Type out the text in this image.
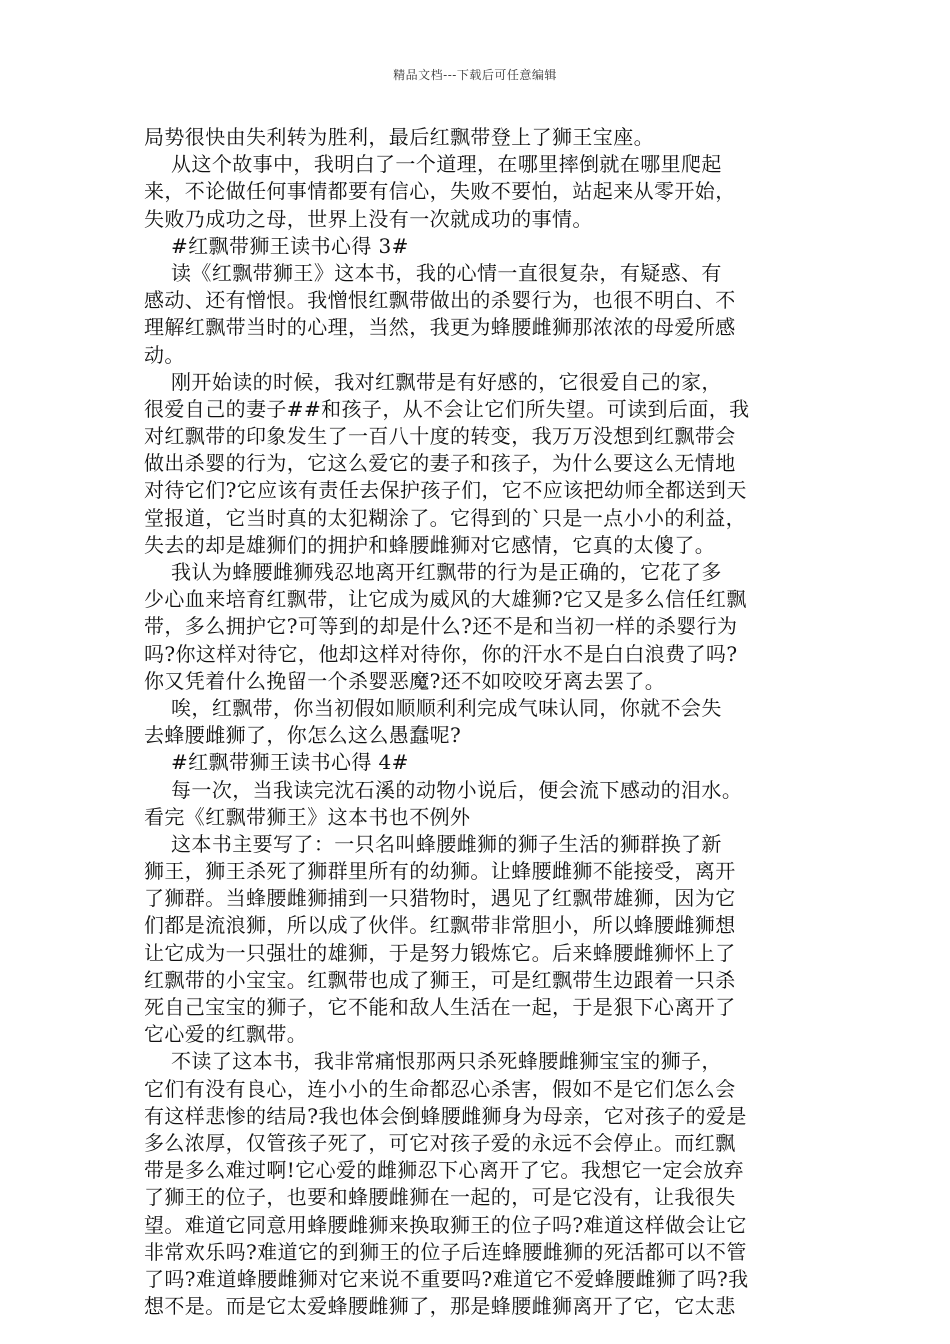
精品文档---下载后可任意编辑
局势很快由失利转为胜利，最后红飘带登上了狮王宝座。
从这个故事中，我明白了一个道理，在哪里摔倒就在哪里爬起
来，不论做任何事情都要有信心，失败不要怕，站起来从零开始，
失败乃成功之母，世界上没有一次就成功的事情。
#红飘带狮王读书心得 3#
读《红飘带狮王》这本书，我的心情一直很复杂，有疑惑、有
感动、还有憎恨。我憎恨红飘带做出的杀婴行为，也很不明白、不
理解红飘带当时的心理，当然，我更为蜂腰雌狮那浓浓的母爱所感
动。
刚开始读的时候，我对红飘带是有好感的，它很爱自己的家，
很爱自己的妻子##和孩子，从不会让它们所失望。可读到后面，我
对红飘带的印象发生了一百八十度的转变，我万万没想到红飘带会
做出杀婴的行为，它这么爱它的妻子和孩子，为什么要这么无情地
对待它们?它应该有责任去保护孩子们，它不应该把幼师全都送到天
堂报道，它当时真的太犯糊涂了。它得到的`只是一点小小的利益，
失去的却是雄狮们的拥护和蜂腰雌狮对它感情，它真的太傻了。
我认为蜂腰雌狮残忍地离开红飘带的行为是正确的，它花了多
少心血来培育红飘带，让它成为威风的大雄狮?它又是多么信任红飘
带，多么拥护它?可等到的却是什么?还不是和当初一样的杀婴行为
吗?你这样对待它，他却这样对待你，你的汗水不是白白浪费了吗?
你又凭着什么挽留一个杀婴恶魔?还不如咬咬牙离去罢了。
唉，红飘带，你当初假如顺顺利利完成气味认同，你就不会失
去蜂腰雌狮了，你怎么这么愚蠢呢?
#红飘带狮王读书心得 4#
每一次，当我读完沈石溪的动物小说后，便会流下感动的泪水。
看完《红飘带狮王》这本书也不例外
这本书主要写了：一只名叫蜂腰雌狮的狮子生活的狮群换了新
狮王，狮王杀死了狮群里所有的幼狮。让蜂腰雌狮不能接受，离开
了狮群。当蜂腰雌狮捕到一只猎物时，遇见了红飘带雄狮，因为它
们都是流浪狮，所以成了伙伴。红飘带非常胆小，所以蜂腰雌狮想
让它成为一只强壮的雄狮，于是努力锻炼它。后来蜂腰雌狮怀上了
红飘带的小宝宝。红飘带也成了狮王，可是红飘带生边跟着一只杀
死自己宝宝的狮子，它不能和敌人生活在一起，于是狠下心离开了
它心爱的红飘带。
不读了这本书，我非常痛恨那两只杀死蜂腰雌狮宝宝的狮子，
它们有没有良心，连小小的生命都忍心杀害，假如不是它们怎么会
有这样悲惨的结局?我也体会倒蜂腰雌狮身为母亲，它对孩子的爱是
多么浓厚，仅管孩子死了，可它对孩子爱的永远不会停止。而红飘
带是多么难过啊!它心爱的雌狮忍下心离开了它。我想它一定会放弃
了狮王的位子，也要和蜂腰雌狮在一起的，可是它没有，让我很失
望。难道它同意用蜂腰雌狮来换取狮王的位子吗?难道这样做会让它
非常欢乐吗?难道它的到狮王的位子后连蜂腰雌狮的死活都可以不管
了吗?难道蜂腰雌狮对它来说不重要吗?难道它不爱蜂腰雌狮了吗?我
想不是。而是它太爱蜂腰雌狮了，那是蜂腰雌狮离开了它，它太悲
